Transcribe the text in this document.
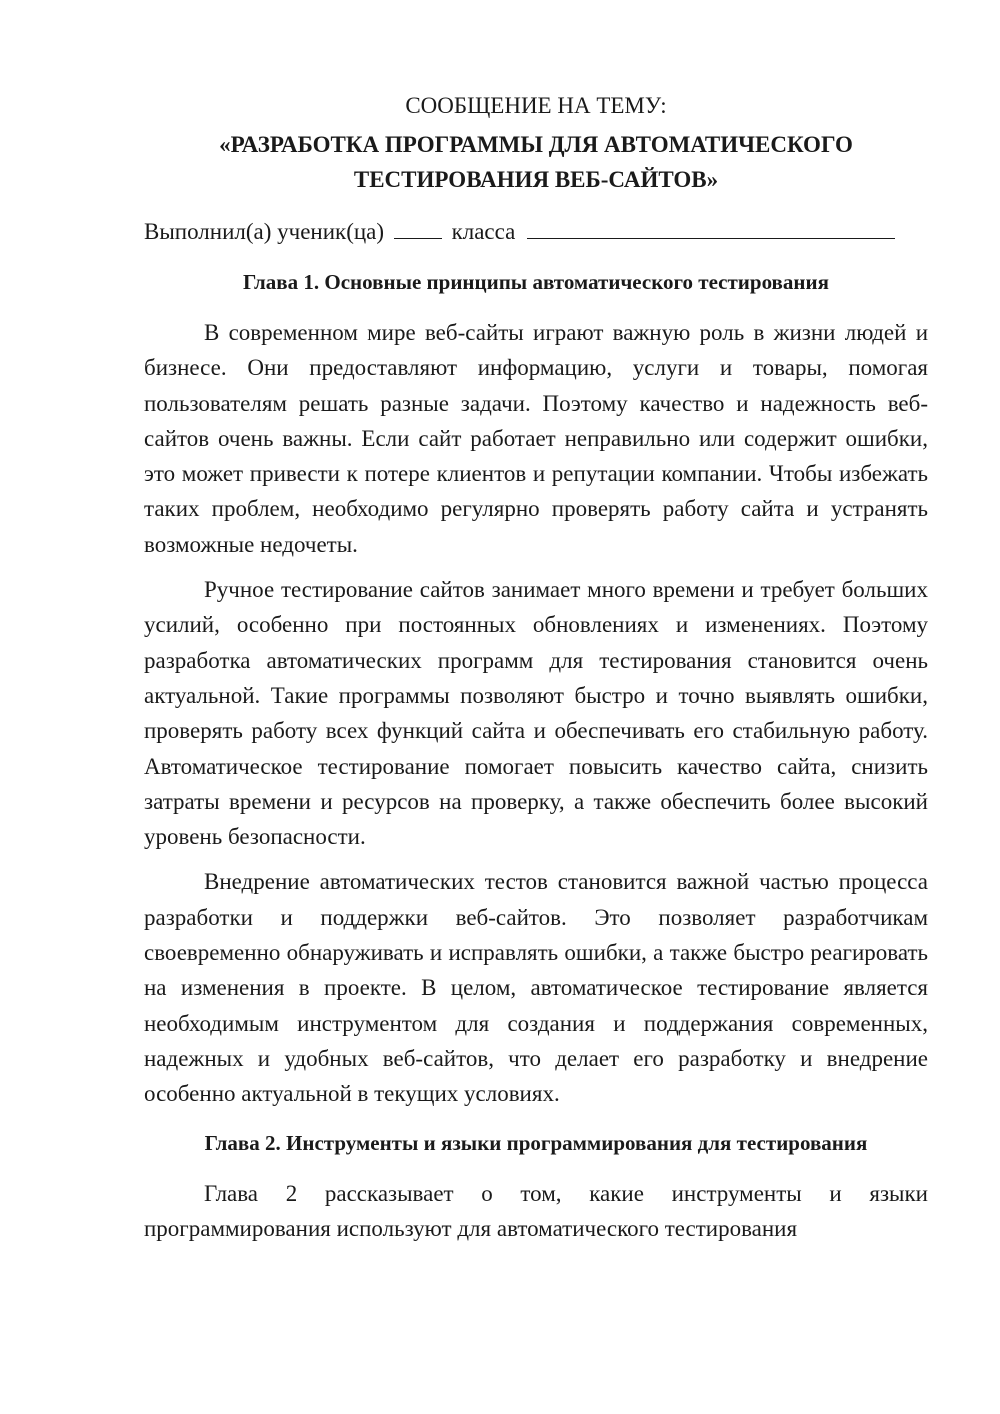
СООБЩЕНИЕ НА ТЕМУ:

«РАЗРАБОТКА ПРОГРАММЫ ДЛЯ АВТОМАТИЧЕСКОГО

ТЕСТИРОВАНИЯ ВЕБ-САЙТОВ»

Выполнил(а) ученик(ца)	класса
Глава 1. Основные принципы автоматического тестирования

В современном мире веб-сайты играют важную роль в жизни людей и бизнесе. Они предоставляют информацию, услуги и товары, помогая пользователям решать разные задачи. Поэтому качество и надежность веб-сайтов очень важны. Если сайт работает неправильно или содержит ошибки, это может привести к потере клиентов и репутации компании. Чтобы избежать таких проблем, необходимо регулярно проверять работу сайта и устранять возможные недочеты.

Ручное тестирование сайтов занимает много времени и требует больших усилий, особенно при постоянных обновлениях и изменениях. Поэтому разработка автоматических программ для тестирования становится очень актуальной. Такие программы позволяют быстро и точно выявлять ошибки, проверять работу всех функций сайта и обеспечивать его стабильную работу. Автоматическое тестирование помогает повысить качество сайта, снизить затраты времени и ресурсов на проверку, а также обеспечить более высокий уровень безопасности.

Внедрение автоматических тестов становится важной частью процесса разработки и поддержки веб-сайтов. Это позволяет разработчикам своевременно обнаруживать и исправлять ошибки, а также быстро реагировать на изменения в проекте. В целом, автоматическое тестирование является необходимым инструментом для создания и поддержания современных, надежных и удобных веб-сайтов, что делает его разработку и внедрение особенно актуальной в текущих условиях.

Глава 2. Инструменты и языки программирования для тестирования

Глава 2 рассказывает о том, какие инструменты и языки программирования используют для автоматического тестирования
